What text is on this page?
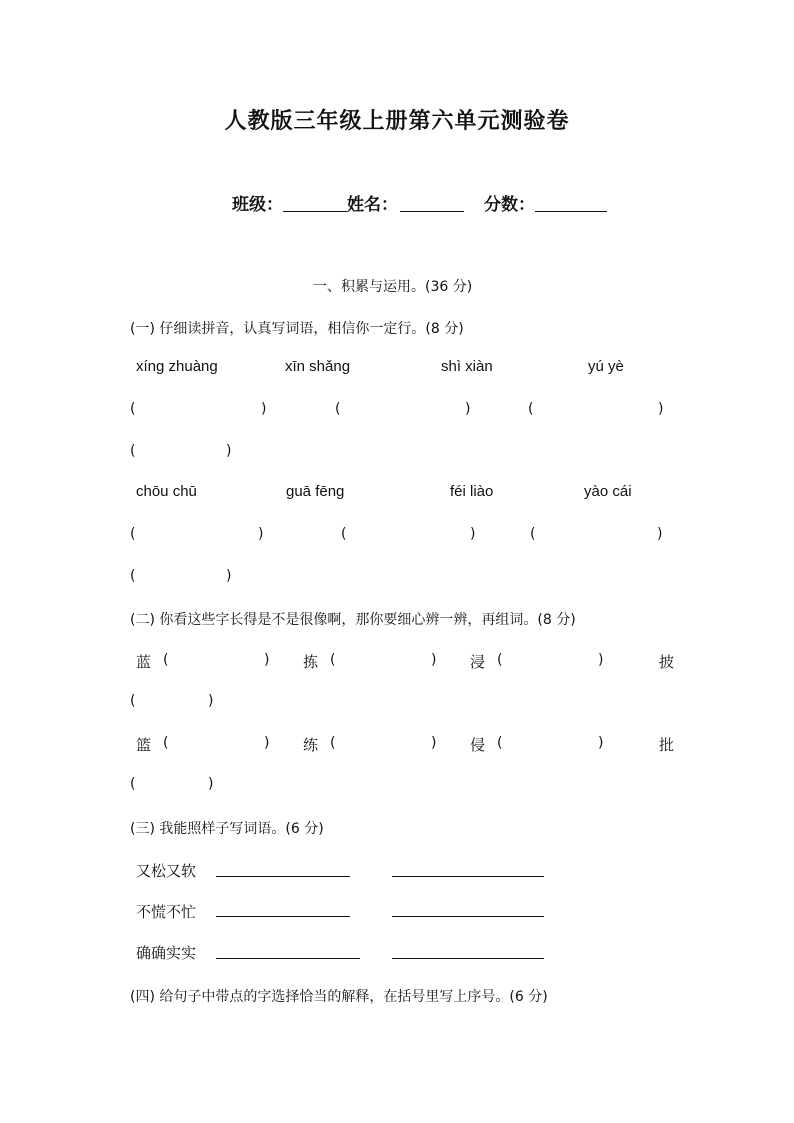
人教版三年级上册第六单元测验卷
班级：	姓名：	分数：
一、积累与运用。(36 分)
(一) 仔细读拼音，认真写词语，相信你一定行。(8 分)
xíng zhuàng	xīn shǎng	shì xiàn	yú yè
(	)	(	)	(	)
(	)
chōu chū	guā fēng	féi liào	yào cái
(	)	(	)	(	)
(	)
(二) 你看这些字长得是不是很像啊，那你要细心辨一辨，再组词。(8 分)
蓝 (	) 拣 (	) 浸 (	)	披
(	)
篮 (	) 练 (	) 侵 (	)	批
(	)
(三) 我能照样子写词语。(6 分)
又松又软
不慌不忙
确确实实
(四) 给句子中带点的字选择恰当的解释，在括号里写上序号。(6 分)
